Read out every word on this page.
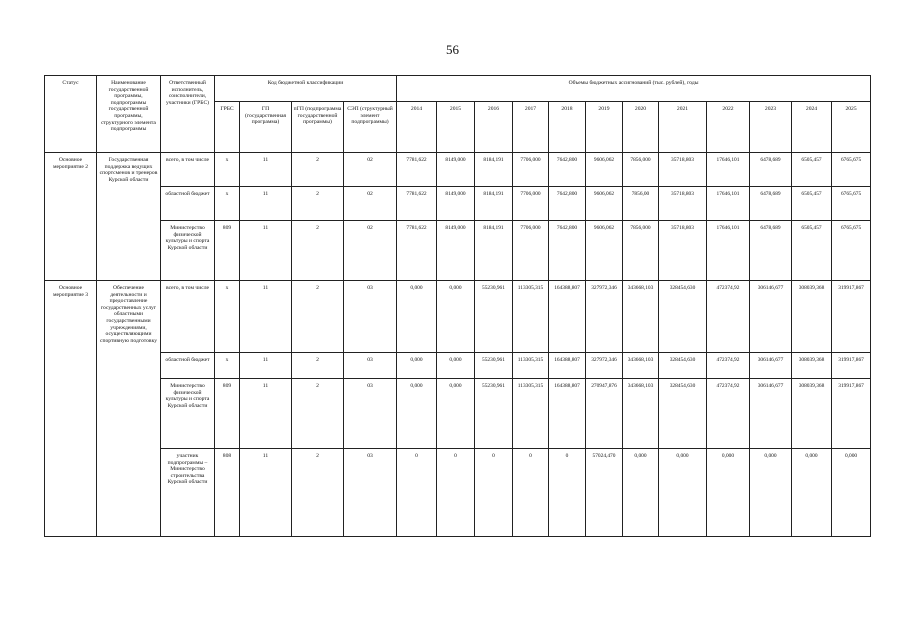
56
Статус	Наименование государственной программы, подпрограммы государственной программы, структурного элемента подпрограммы	Ответственный исполнитель, соисполнители, участники (ГРБС)	Код бюджетной классификации				Объемы бюджетных ассигнований (тыс. рублей), годы											
			ГРБС	ГП (государственная программа)	пГП (подпрограмма государственной программы)	СЭП (структурный элемент подпрограммы)	2014	2015	2016	2017	2018	2019	2020	2021	2022	2023	2024	2025
Основное мероприятие 2	Государственная поддержка ведущих спортсменов и тренеров Курской области	всего, в том числе	х	11	2	02	7781,622	8149,000	8184,191	7706,000	7642,800	9606,062	7856,000	35718,803	17646,101	6478,689	6505,457	6765,675
		областной бюджет	х	11	2	02	7781,622	8149,000	8184,191	7706,000	7642,800	9606,062	7856,00	35718,803	17646,101	6478,689	6505,457	6765,675
		Министерство физической культуры и спорта Курской области	809	11	2	02	7781,622	8149,000	8184,191	7706,000	7642,800	9606,062	7856,000	35718,803	17646,101	6478,689	6505,457	6765,675
Основное мероприятие 3	Обеспечение деятельности и предоставление государственных услуг областными государственными учреждениями, осуществляющими спортивную подготовку	всего, в том числе	х	11	2	03	0,000	0,000	55230,961	113305,315	164388,807	327972,346	343668,103	328454,630	472374,92	306146,677	308039,368	319917,867
		областной бюджет	х	11	2	03	0,000	0,000	55230,961	113305,315	164388,807	327972,346	343668,103	328454,630	472374,92	306146,677	308039,368	319917,867
		Министерство физической культуры и спорта Курской области	809	11	2	03	0,000	0,000	55230,961	113305,315	164388,807	270947,876	343668,103	328454,630	472374,92	306146,677	308039,368	319917,867
		участник подпрограммы – Министерство строительства Курской области	808	11	2	03	0	0	0	0	0	57024,470	0,000	0,000	0,000	0,000	0,000	0,000
